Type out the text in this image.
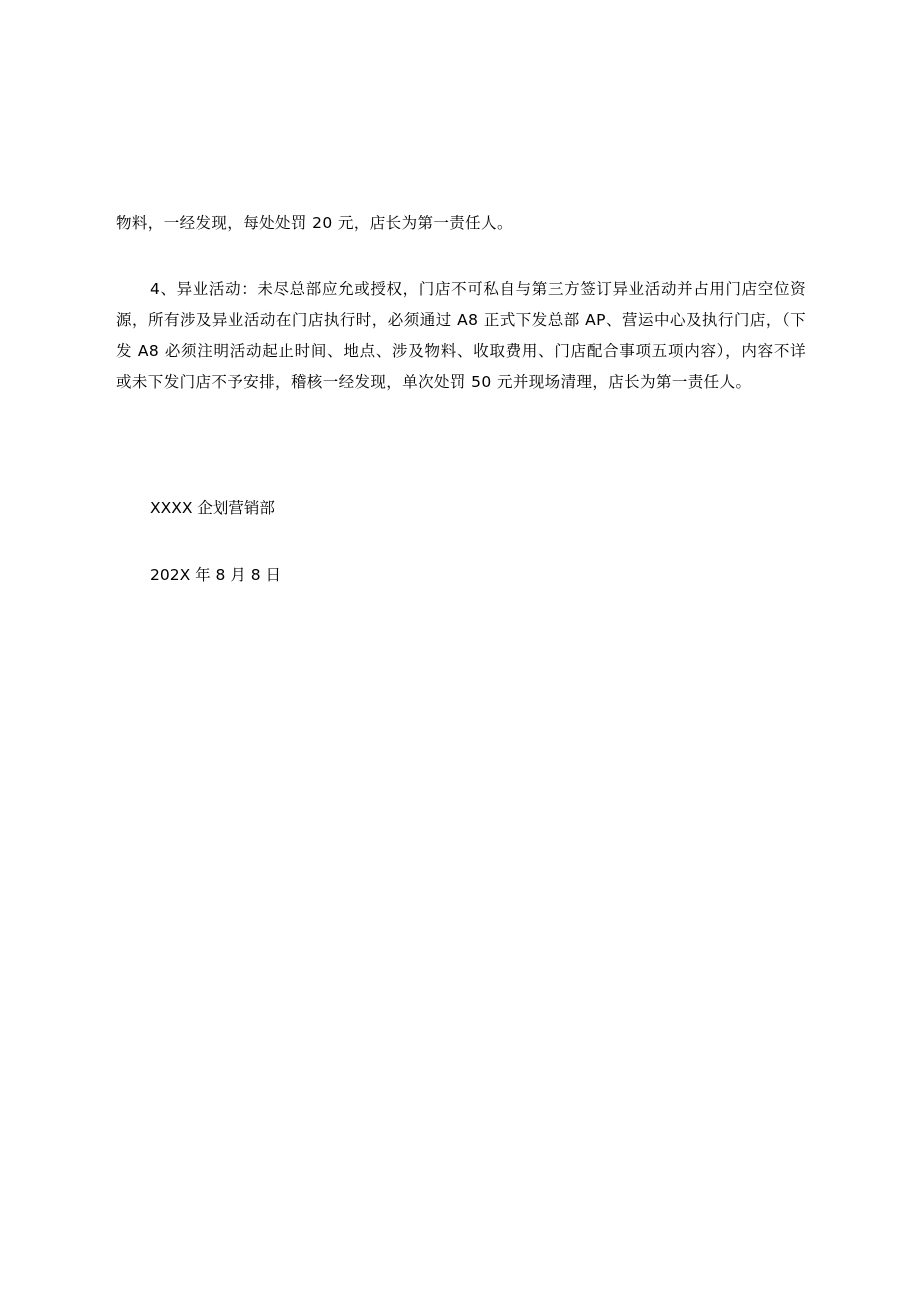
物料，一经发现，每处处罚 20 元，店长为第一责任人。

4、异业活动：未尽总部应允或授权，门店不可私自与第三方签订异业活动并占用门店空位资源，所有涉及异业活动在门店执行时，必须通过 A8 正式下发总部 AP、营运中心及执行门店，（下发 A8 必须注明活动起止时间、地点、涉及物料、收取费用、门店配合事项五项内容），内容不详或未下发门店不予安排，稽核一经发现，单次处罚 50 元并现场清理，店长为第一责任人。

XXXX 企划营销部

202X 年 8 月 8 日
